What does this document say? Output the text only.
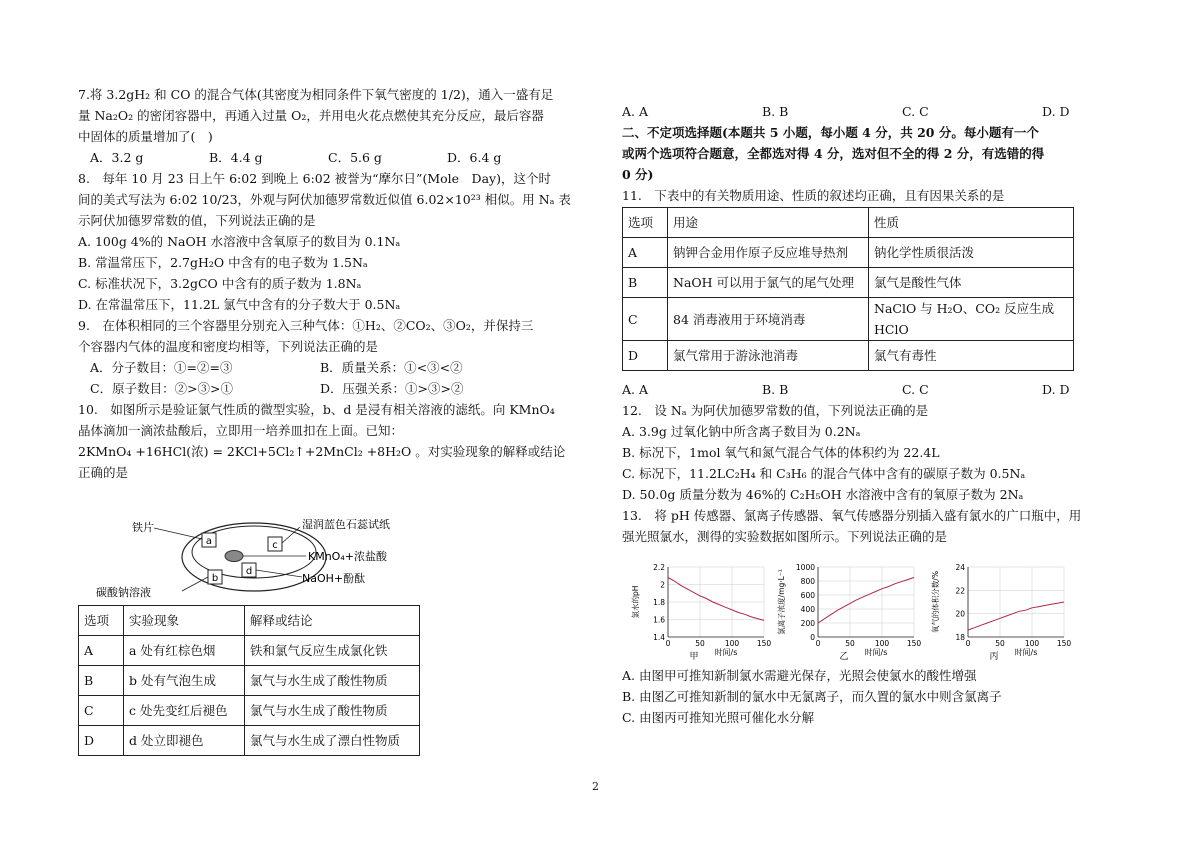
7.将 3.2gH₂ 和 CO 的混合气体(其密度为相同条件下氧气密度的 1/2)，通入一盛有足
量 Na₂O₂ 的密闭容器中，再通入过量 O₂，并用电火花点燃使其充分反应，最后容器
中固体的质量增加了(　)
A．3.2 g	B．4.4 g	C．5.6 g	D．6.4 g
8.　每年 10 月 23 日上午 6:02 到晚上 6:02 被誉为“摩尔日”(Mole　Day)，这个时
间的美式写法为 6:02 10/23，外观与阿伏加德罗常数近似值 6.02×10²³ 相似。用 Nₐ 表
示阿伏加德罗常数的值，下列说法正确的是
A. 100g 4%的 NaOH 水溶液中含氧原子的数目为 0.1Nₐ
B. 常温常压下，2.7gH₂O 中含有的电子数为 1.5Nₐ
C. 标准状况下，3.2gCO 中含有的质子数为 1.8Nₐ
D. 在常温常压下，11.2L 氯气中含有的分子数大于 0.5Nₐ
9.　在体积相同的三个容器里分别充入三种气体：①H₂、②CO₂、③O₂，并保持三
个容器内气体的温度和密度均相等，下列说法正确的是
A．分子数目：①=②=③	B．质量关系：①<③<②
C．原子数目：②>③>①	D．压强关系：①>③>②
10.　如图所示是验证氯气性质的微型实验，b、d 是浸有相关溶液的滤纸。向 KMnO₄
晶体滴加一滴浓盐酸后，立即用一培养皿扣在上面。已知：
2KMnO₄ +16HCl(浓) = 2KCl+5Cl₂↑+2MnCl₂ +8H₂O 。对实验现象的解释或结论
正确的是
a	c
d
b
铁片	湿润蓝色石蕊试纸
KMnO₄+浓盐酸
NaOH+酚酞
碳酸钠溶液
选项	实验现象	解释或结论
A	a 处有红棕色烟	铁和氯气反应生成氯化铁
B	b 处有气泡生成	氯气与水生成了酸性物质
C	c 处先变红后褪色	氯气与水生成了酸性物质
D	d 处立即褪色	氯气与水生成了漂白性物质
A. A	B. B	C. C	D. D
二、不定项选择题(本题共 5 小题，每小题 4 分，共 20 分。每小题有一个
或两个选项符合题意，全都选对得 4 分，选对但不全的得 2 分，有选错的得
0 分)
11.　下表中的有关物质用途、性质的叙述均正确，且有因果关系的是
选项	用途	性质
A	钠钾合金用作原子反应堆导热剂	钠化学性质很活泼
B	NaOH 可以用于氯气的尾气处理	氯气是酸性气体
C	84 消毒液用于环境消毒	NaClO 与 H₂O、CO₂ 反应生成 HClO
D	氯气常用于游泳池消毒	氯气有毒性
A. A	B. B	C. C	D. D
12.　设 Nₐ 为阿伏加德罗常数的值，下列说法正确的是
A. 3.9g 过氧化钠中所含离子数目为 0.2Nₐ
B. 标况下，1mol 氧气和氮气混合气体的体积约为 22.4L
C. 标况下，11.2LC₂H₄ 和 C₃H₆ 的混合气体中含有的碳原子数为 0.5Nₐ
D. 50.0g 质量分数为 46%的 C₂H₅OH 水溶液中含有的氧原子数为 2Nₐ
13.　将 pH 传感器、氯离子传感器、氧气传感器分别插入盛有氯水的广口瓶中，用
强光照氯水，测得的实验数据如图所示。下列说法正确的是
1.4
1.6
1.8
2
2.2
0	50	100 150
时间/s
氯水的pH
甲
0
200
400
600
800
1000
0	50	100 150
时间/s
氯离子浓度/mg·L⁻¹
乙
18
20
22
24
0	50	100 150
时间/s
氧气的体积分数/%
丙
A. 由图甲可推知新制氯水需避光保存，光照会使氯水的酸性增强
B. 由图乙可推知新制的氯水中无氯离子，而久置的氯水中则含氯离子
C. 由图丙可推知光照可催化水分解
2
